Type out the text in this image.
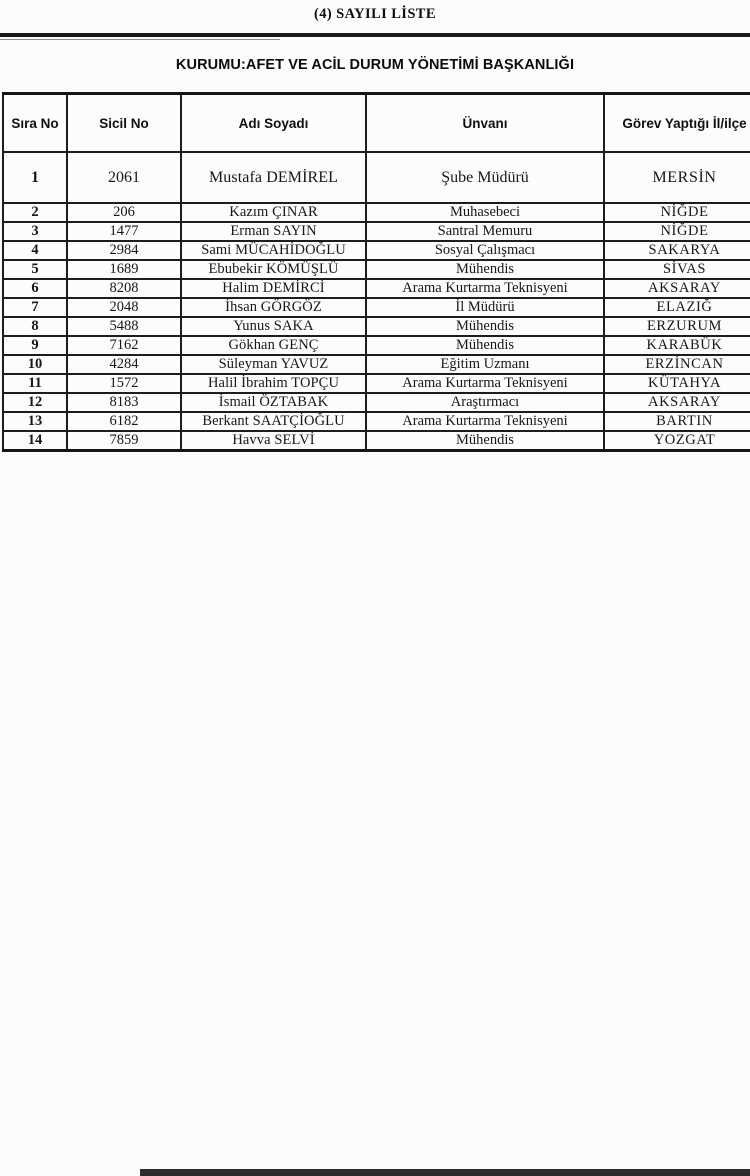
(4) SAYILI LİSTE
KURUMU:AFET VE ACİL DURUM YÖNETİMİ BAŞKANLIĞI
Sıra No	Sicil No	Adı Soyadı	Ünvanı	Görev Yaptığı İl/ilçe
1	2061	Mustafa DEMİREL	Şube Müdürü	MERSİN
2	206	Kazım ÇINAR	Muhasebeci	NİĞDE
3	1477	Erman SAYIN	Santral Memuru	NİĞDE
4	2984	Sami MÜCAHİDOĞLU	Sosyal Çalışmacı	SAKARYA
5	1689	Ebubekir KÖMÜŞLÜ	Mühendis	SİVAS
6	8208	Halim DEMİRCİ	Arama Kurtarma Teknisyeni	AKSARAY
7	2048	İhsan GÖRGÖZ	İl Müdürü	ELAZIĞ
8	5488	Yunus SAKA	Mühendis	ERZURUM
9	7162	Gökhan GENÇ	Mühendis	KARABÜK
10	4284	Süleyman YAVUZ	Eğitim Uzmanı	ERZİNCAN
11	1572	Halil İbrahim TOPÇU	Arama Kurtarma Teknisyeni	KÜTAHYA
12	8183	İsmail ÖZTABAK	Araştırmacı	AKSARAY
13	6182	Berkant SAATÇİOĞLU	Arama Kurtarma Teknisyeni	BARTIN
14	7859	Havva SELVİ	Mühendis	YOZGAT
